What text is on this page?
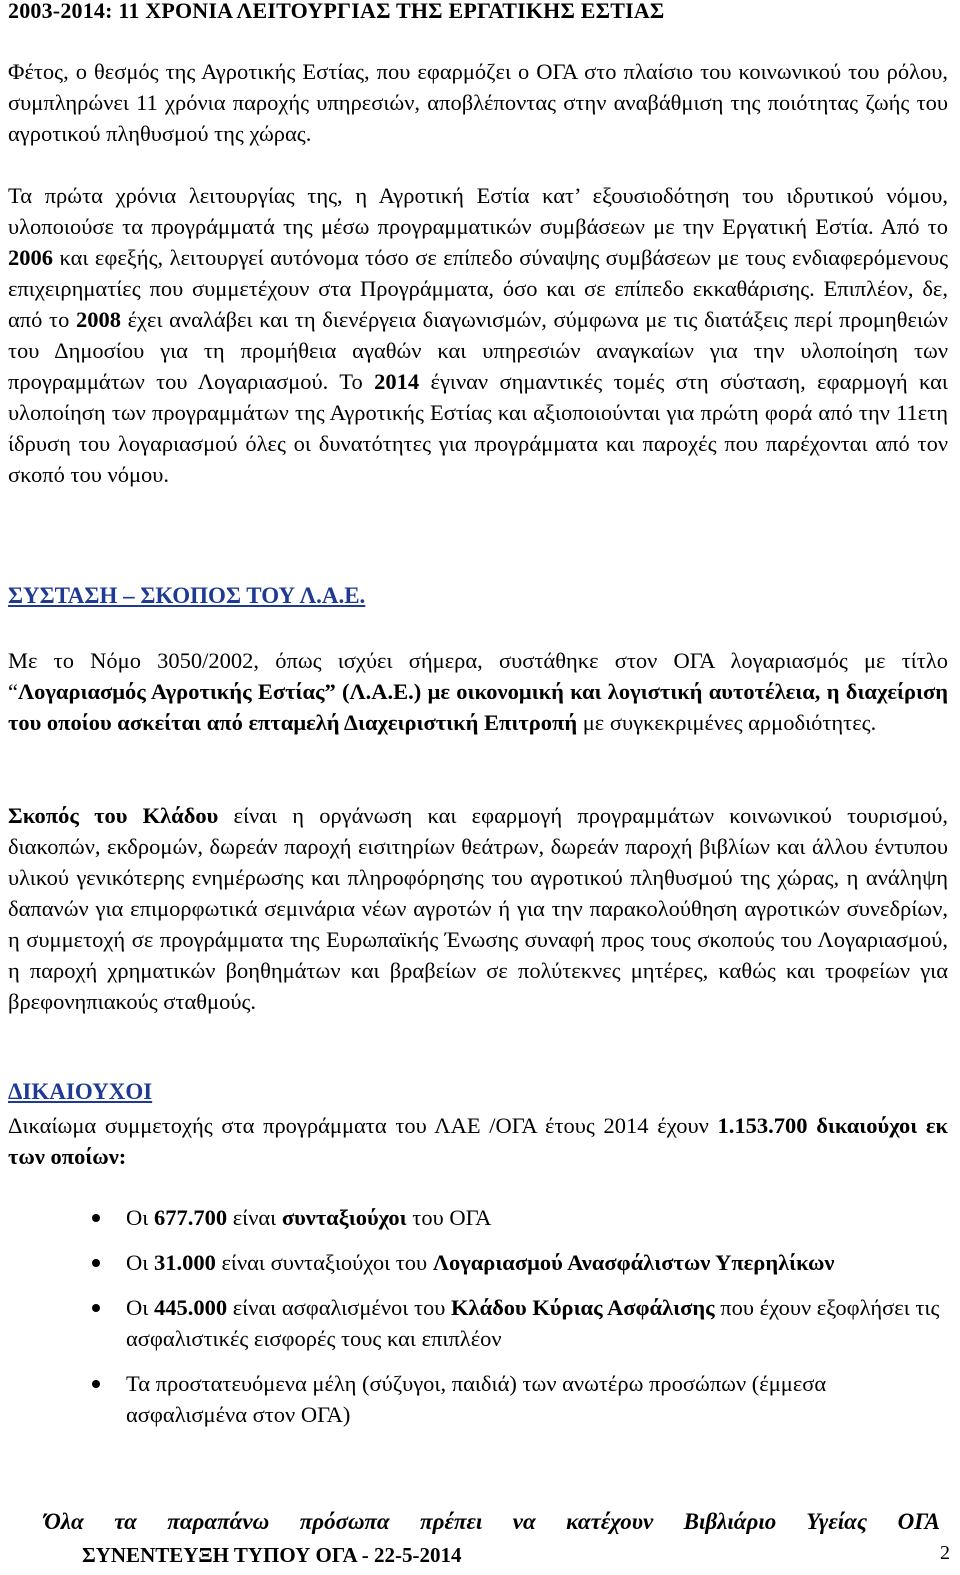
2003-2014: 11 ΧΡΟΝΙΑ ΛΕΙΤΟΥΡΓΙΑΣ ΤΗΣ ΕΡΓΑΤΙΚΗΣ ΕΣΤΙΑΣ

Φέτος, ο θεσμός της Αγροτικής Εστίας, που εφαρμόζει ο ΟΓΑ στο πλαίσιο του κοινωνικού του ρόλου, συμπληρώνει 11 χρόνια παροχής υπηρεσιών, αποβλέποντας στην αναβάθμιση της ποιότητας ζωής του αγροτικού πληθυσμού της χώρας.

Τα πρώτα χρόνια λειτουργίας της, η Αγροτική Εστία κατ’ εξουσιοδότηση του ιδρυτικού νόμου, υλοποιούσε τα προγράμματά της μέσω προγραμματικών συμβάσεων με την Εργατική Εστία. Από το 2006 και εφεξής, λειτουργεί αυτόνομα τόσο σε επίπεδο σύναψης συμβάσεων με τους ενδιαφερόμενους επιχειρηματίες που συμμετέχουν στα Προγράμματα, όσο και σε επίπεδο εκκαθάρισης. Επιπλέον, δε, από το 2008 έχει αναλάβει και τη διενέργεια διαγωνισμών, σύμφωνα με τις διατάξεις περί προμηθειών του Δημοσίου για τη προμήθεια αγαθών και υπηρεσιών αναγκαίων για την υλοποίηση των προγραμμάτων του Λογαριασμού. Το 2014 έγιναν σημαντικές τομές στη σύσταση, εφαρμογή και υλοποίηση των προγραμμάτων της Αγροτικής Εστίας και αξιοποιούνται για πρώτη φορά από την 11ετη ίδρυση του λογαριασμού όλες οι δυνατότητες για προγράμματα και παροχές που παρέχονται από τον σκοπό του νόμου.

ΣΥΣΤΑΣΗ – ΣΚΟΠΟΣ ΤΟΥ Λ.Α.Ε.

Με το Νόμο 3050/2002, όπως ισχύει σήμερα, συστάθηκε στον ΟΓΑ λογαριασμός με τίτλο “Λογαριασμός Αγροτικής Εστίας” (Λ.Α.Ε.) με οικονομική και λογιστική αυτοτέλεια, η διαχείριση του οποίου ασκείται από επταμελή Διαχειριστική Επιτροπή με συγκεκριμένες αρμοδιότητες.

Σκοπός του Κλάδου είναι η οργάνωση και εφαρμογή προγραμμάτων κοινωνικού τουρισμού, διακοπών, εκδρομών, δωρεάν παροχή εισιτηρίων θεάτρων, δωρεάν παροχή βιβλίων και άλλου έντυπου υλικού γενικότερης ενημέρωσης και πληροφόρησης του αγροτικού πληθυσμού της χώρας, η ανάληψη δαπανών για επιμορφωτικά σεμινάρια νέων αγροτών ή για την παρακολούθηση αγροτικών συνεδρίων, η συμμετοχή σε προγράμματα της Ευρωπαϊκής Ένωσης συναφή προς τους σκοπούς του Λογαριασμού, η παροχή χρηματικών βοηθημάτων και βραβείων σε πολύτεκνες μητέρες, καθώς και τροφείων για βρεφονηπιακούς σταθμούς.

ΔΙΚΑΙΟΥΧΟΙ

Δικαίωμα συμμετοχής στα προγράμματα του ΛΑΕ /ΟΓΑ έτους 2014 έχουν 1.153.700 δικαιούχοι εκ των οποίων:

Οι 677.700 είναι συνταξιούχοι του ΟΓΑ
Οι 31.000 είναι συνταξιούχοι του Λογαριασμού Ανασφάλιστων Υπερηλίκων
Οι 445.000 είναι ασφαλισμένοι του Κλάδου Κύριας Ασφάλισης που έχουν εξοφλήσει τις ασφαλιστικές εισφορές τους και επιπλέον
Τα προστατευόμενα μέλη (σύζυγοι, παιδιά) των ανωτέρω προσώπων (έμμεσα ασφαλισμένα στον ΟΓΑ)

Όλα τα παραπάνω πρόσωπα πρέπει να κατέχουν Βιβλιάριο Υγείας ΟΓΑ

ΣΥΝΕΝΤΕΥΞΗ ΤΥΠΟΥ ΟΓΑ - 22-5-2014	2
